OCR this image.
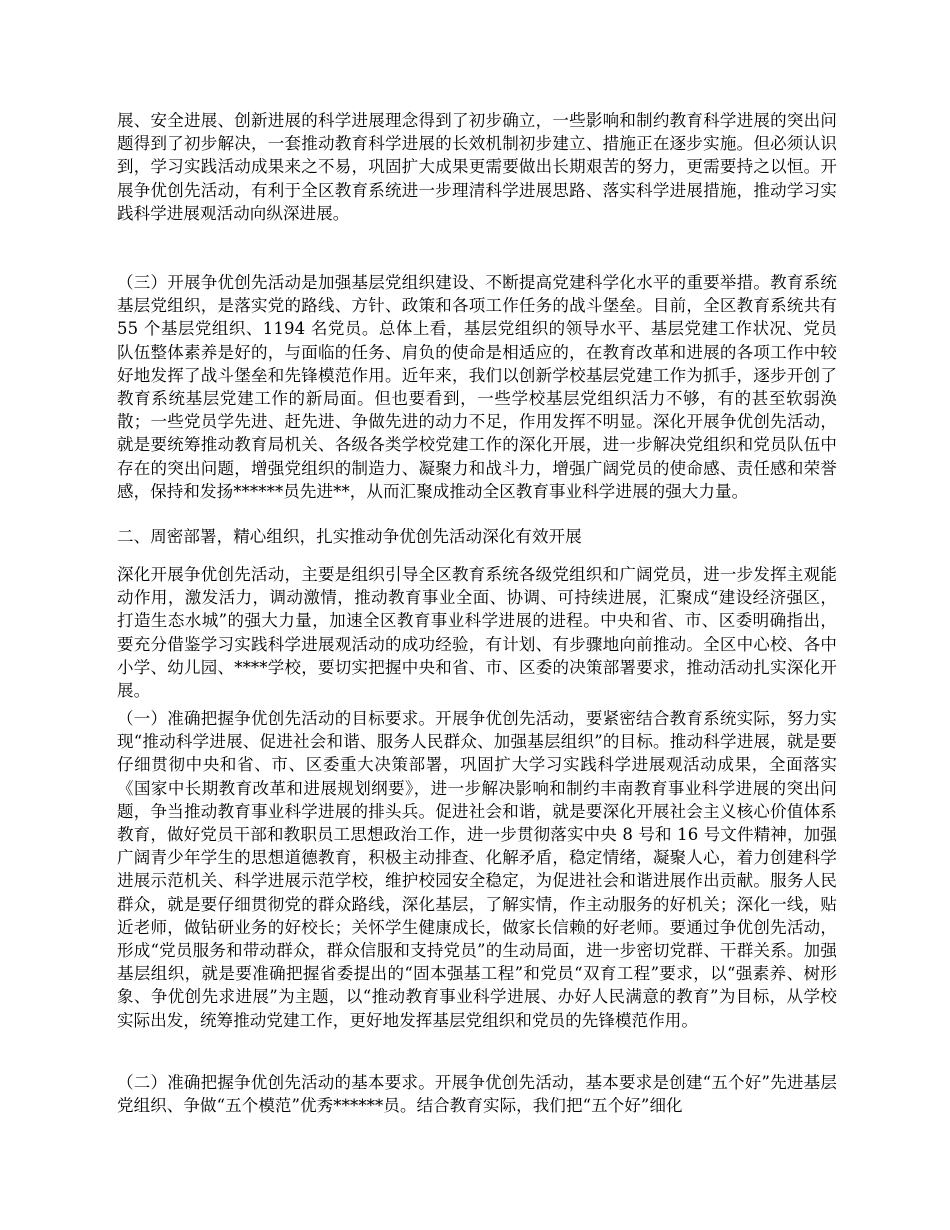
展、安全进展、创新进展的科学进展理念得到了初步确立，一些影响和制约教育科学进展的突出问题得到了初步解决，一套推动教育科学进展的长效机制初步建立、措施正在逐步实施。但必须认识到，学习实践活动成果来之不易，巩固扩大成果更需要做出长期艰苦的努力，更需要持之以恒。开展争优创先活动，有利于全区教育系统进一步理清科学进展思路、落实科学进展措施，推动学习实践科学进展观活动向纵深进展。

（三）开展争优创先活动是加强基层党组织建设、不断提高党建科学化水平的重要举措。教育系统基层党组织，是落实党的路线、方针、政策和各项工作任务的战斗堡垒。目前，全区教育系统共有 55 个基层党组织、1194 名党员。总体上看，基层党组织的领导水平、基层党建工作状况、党员队伍整体素养是好的，与面临的任务、肩负的使命是相适应的，在教育改革和进展的各项工作中较好地发挥了战斗堡垒和先锋模范作用。近年来，我们以创新学校基层党建工作为抓手，逐步开创了教育系统基层党建工作的新局面。但也要看到，一些学校基层党组织活力不够，有的甚至软弱涣散；一些党员学先进、赶先进、争做先进的动力不足，作用发挥不明显。深化开展争优创先活动，就是要统筹推动教育局机关、各级各类学校党建工作的深化开展，进一步解决党组织和党员队伍中存在的突出问题，增强党组织的制造力、凝聚力和战斗力，增强广阔党员的使命感、责任感和荣誉感，保持和发扬******员先进**，从而汇聚成推动全区教育事业科学进展的强大力量。

二、周密部署，精心组织，扎实推动争优创先活动深化有效开展

深化开展争优创先活动，主要是组织引导全区教育系统各级党组织和广阔党员，进一步发挥主观能动作用，激发活力，调动激情，推动教育事业全面、协调、可持续进展，汇聚成“建设经济强区，打造生态水城”的强大力量，加速全区教育事业科学进展的进程。中央和省、市、区委明确指出，要充分借鉴学习实践科学进展观活动的成功经验，有计划、有步骤地向前推动。全区中心校、各中小学、幼儿园、****学校，要切实把握中央和省、市、区委的决策部署要求，推动活动扎实深化开展。

（一）准确把握争优创先活动的目标要求。开展争优创先活动，要紧密结合教育系统实际，努力实现“推动科学进展、促进社会和谐、服务人民群众、加强基层组织”的目标。推动科学进展，就是要仔细贯彻中央和省、市、区委重大决策部署，巩固扩大学习实践科学进展观活动成果，全面落实《国家中长期教育改革和进展规划纲要》，进一步解决影响和制约丰南教育事业科学进展的突出问题，争当推动教育事业科学进展的排头兵。促进社会和谐，就是要深化开展社会主义核心价值体系教育，做好党员干部和教职员工思想政治工作，进一步贯彻落实中央 8 号和 16 号文件精神，加强广阔青少年学生的思想道德教育，积极主动排查、化解矛盾，稳定情绪，凝聚人心，着力创建科学进展示范机关、科学进展示范学校，维护校园安全稳定，为促进社会和谐进展作出贡献。服务人民群众，就是要仔细贯彻党的群众路线，深化基层，了解实情，作主动服务的好机关；深化一线，贴近老师，做钻研业务的好校长；关怀学生健康成长，做家长信赖的好老师。要通过争优创先活动，形成“党员服务和带动群众，群众信服和支持党员”的生动局面，进一步密切党群、干群关系。加强基层组织，就是要准确把握省委提出的“固本强基工程”和党员“双育工程”要求，以“强素养、树形象、争优创先求进展”为主题，以“推动教育事业科学进展、办好人民满意的教育”为目标，从学校实际出发，统筹推动党建工作，更好地发挥基层党组织和党员的先锋模范作用。

（二）准确把握争优创先活动的基本要求。开展争优创先活动，基本要求是创建“五个好”先进基层党组织、争做“五个模范”优秀******员。结合教育实际，我们把“五个好”细化
